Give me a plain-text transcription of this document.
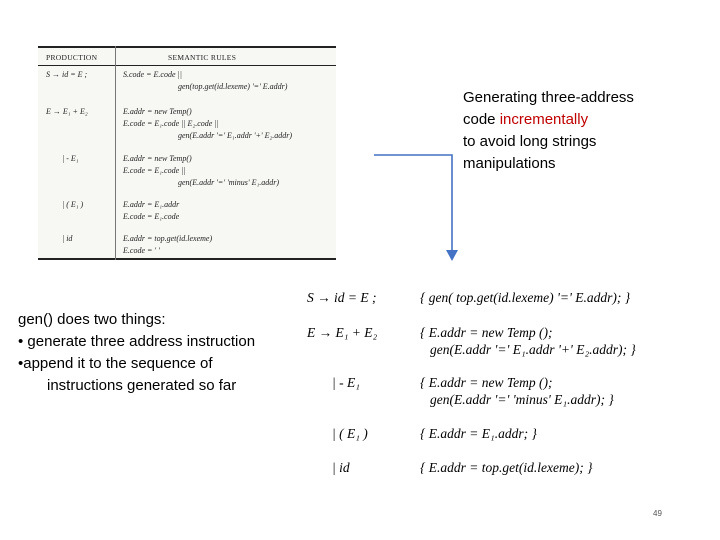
PRODUCTION	SEMANTIC RULES
S → id = E ;	S.code = E.code ||
gen(top.get(id.lexeme) '=' E.addr)
E → E₁ + E₂	E.addr = new Temp()
E.code = E₁.code || E₂.code ||
gen(E.addr '=' E₁.addr '+' E₂.addr)
| - E₁	E.addr = new Temp()
E.code = E₁.code ||
gen(E.addr '=' 'minus' E₁.addr)
| ( E₁ )	E.addr = E₁.addr
E.code = E₁.code
| id	E.addr = top.get(id.lexeme)
E.code = ' '
Generating three-address
code incrementally
to avoid long strings
manipulations
gen() does two things:
• generate three address instruction
•append it to the sequence of
instructions generated so far
S → id = E ;	{ gen( top.get(id.lexeme) '=' E.addr); }
E → E₁ + E₂	{ E.addr = new Temp ();
gen(E.addr '=' E₁.addr '+' E₂.addr); }
| - E₁	{ E.addr = new Temp ();
gen(E.addr '=' 'minus' E₁.addr); }
| ( E₁ )	{ E.addr = E₁.addr; }
| id	{ E.addr = top.get(id.lexeme); }
49
